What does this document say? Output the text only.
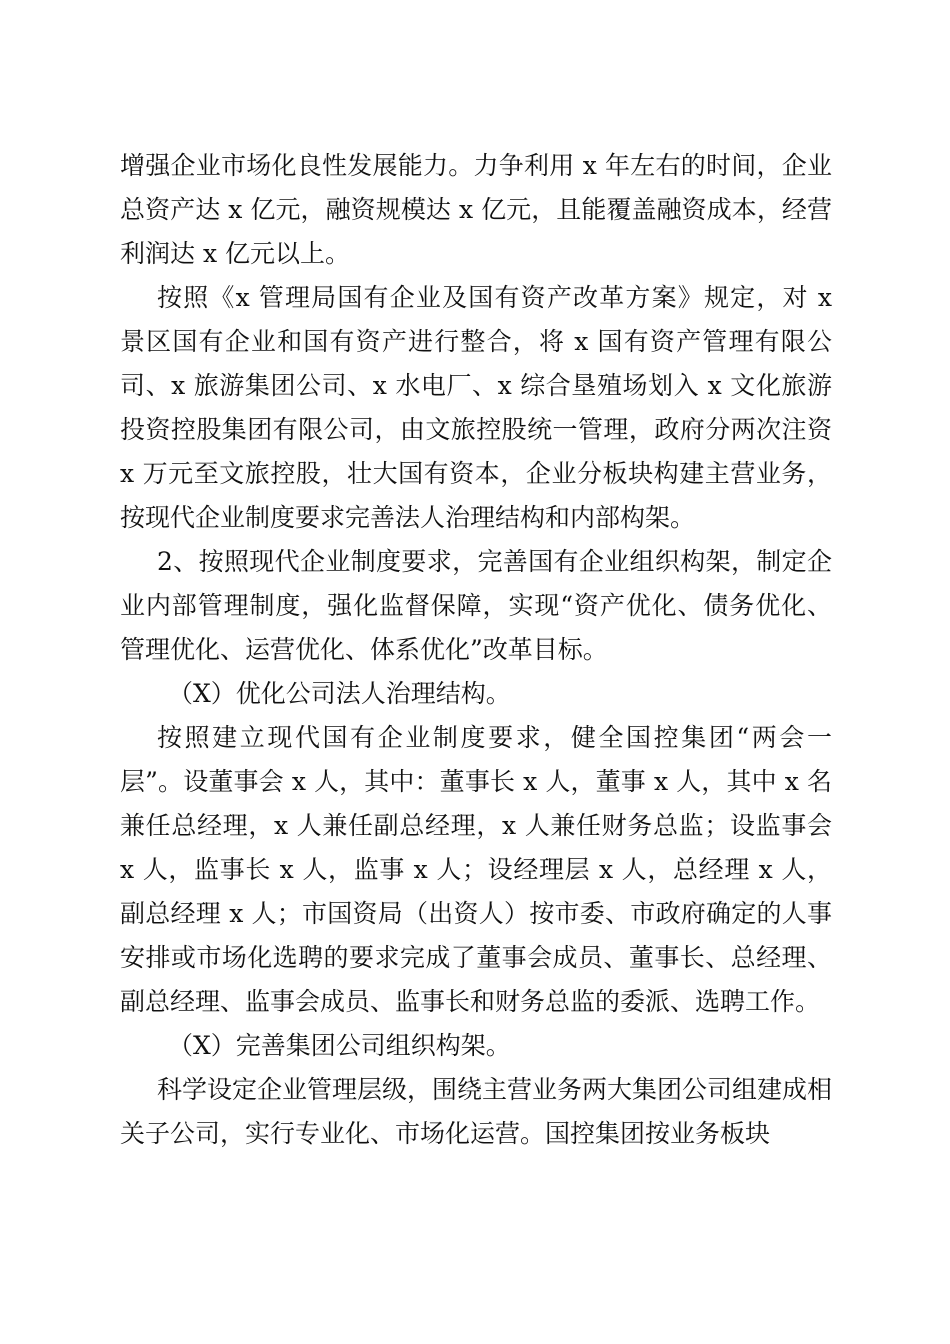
增强企业市场化良性发展能力。力争利用 x 年左右的时间，企业总资产达 x 亿元，融资规模达 x 亿元，且能覆盖融资成本，经营利润达 x 亿元以上。

按照《x 管理局国有企业及国有资产改革方案》规定，对 x 景区国有企业和国有资产进行整合，将 x 国有资产管理有限公司、x 旅游集团公司、x 水电厂、x 综合垦殖场划入 x 文化旅游投资控股集团有限公司，由文旅控股统一管理，政府分两次注资 x 万元至文旅控股，壮大国有资本，企业分板块构建主营业务，按现代企业制度要求完善法人治理结构和内部构架。

2、按照现代企业制度要求，完善国有企业组织构架，制定企业内部管理制度，强化监督保障，实现“资产优化、债务优化、管理优化、运营优化、体系优化”改革目标。

（X）优化公司法人治理结构。

按照建立现代国有企业制度要求，健全国控集团“两会一层”。设董事会 x 人，其中：董事长 x 人，董事 x 人，其中 x 名兼任总经理，x 人兼任副总经理，x 人兼任财务总监；设监事会 x 人，监事长 x 人，监事 x 人；设经理层 x 人，总经理 x 人，副总经理 x 人；市国资局（出资人）按市委、市政府确定的人事安排或市场化选聘的要求完成了董事会成员、董事长、总经理、副总经理、监事会成员、监事长和财务总监的委派、选聘工作。

（X）完善集团公司组织构架。

科学设定企业管理层级，围绕主营业务两大集团公司组建成相关子公司，实行专业化、市场化运营。国控集团按业务板块
